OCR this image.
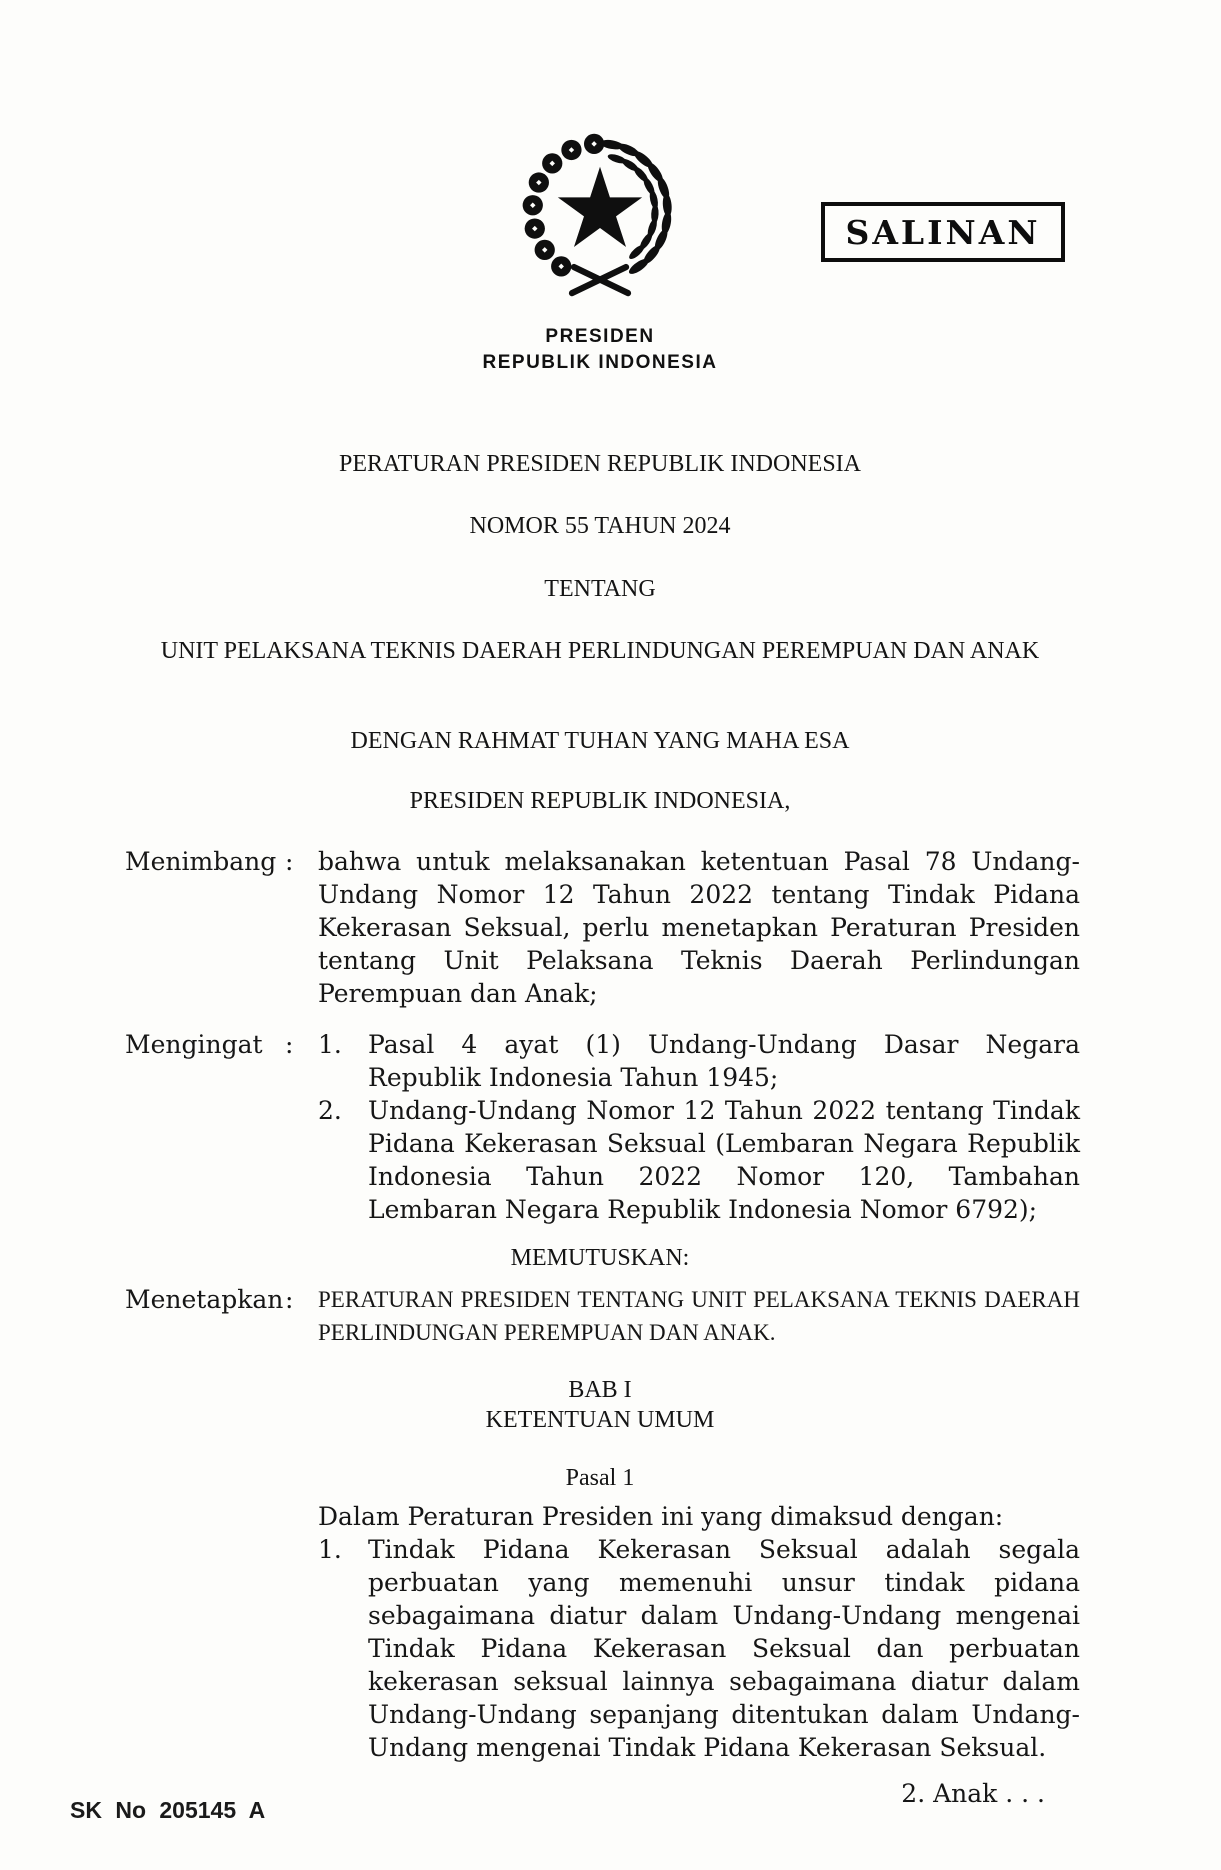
SALINAN
PRESIDEN
REPUBLIK INDONESIA
PERATURAN PRESIDEN REPUBLIK INDONESIA
NOMOR 55 TAHUN 2024
TENTANG
UNIT PELAKSANA TEKNIS DAERAH PERLINDUNGAN PEREMPUAN DAN ANAK
DENGAN RAHMAT TUHAN YANG MAHA ESA
PRESIDEN REPUBLIK INDONESIA,
Menimbang : bahwa untuk melaksanakan ketentuan Pasal 78 Undang-Undang Nomor 12 Tahun 2022 tentang Tindak Pidana Kekerasan Seksual, perlu menetapkan Peraturan Presiden tentang Unit Pelaksana Teknis Daerah Perlindungan Perempuan dan Anak;
Mengingat : 1.	Pasal 4 ayat (1) Undang-Undang Dasar Negara Republik Indonesia Tahun 1945;
2.	Undang-Undang Nomor 12 Tahun 2022 tentang Tindak Pidana Kekerasan Seksual (Lembaran Negara Republik Indonesia Tahun 2022 Nomor 120, Tambahan Lembaran Negara Republik Indonesia Nomor 6792);
MEMUTUSKAN:
Menetapkan : PERATURAN PRESIDEN TENTANG UNIT PELAKSANA TEKNIS DAERAH PERLINDUNGAN PEREMPUAN DAN ANAK.
BAB I
KETENTUAN UMUM
Pasal 1
Dalam Peraturan Presiden ini yang dimaksud dengan:
1.	Tindak Pidana Kekerasan Seksual adalah segala perbuatan yang memenuhi unsur tindak pidana sebagaimana diatur dalam Undang-Undang mengenai Tindak Pidana Kekerasan Seksual dan perbuatan kekerasan seksual lainnya sebagaimana diatur dalam Undang-Undang sepanjang ditentukan dalam Undang-Undang mengenai Tindak Pidana Kekerasan Seksual.
2. Anak . . .
SK No 205145 A
